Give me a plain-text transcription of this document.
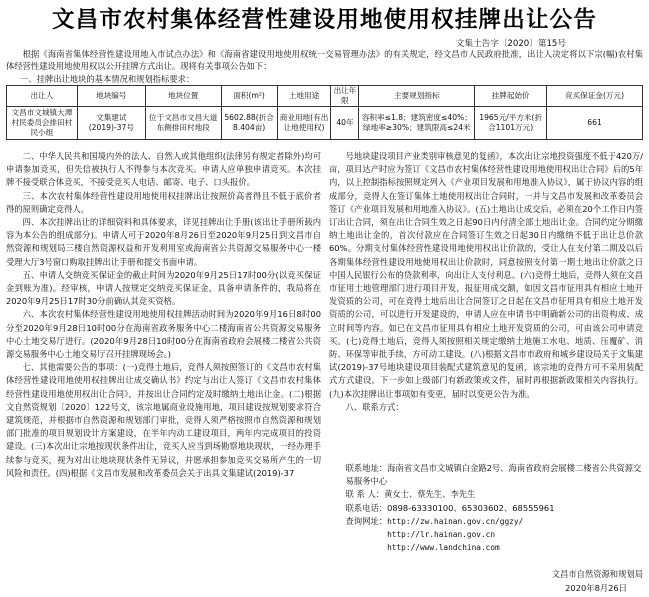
文昌市农村集体经营性建设用地使用权挂牌出让公告
文集土告字〔2020〕第15号
根据《海南省集体经营性建设用地入市试点办法》和《海南省建设用地使用权统一交易管理办法》的有关规定，经文昌市人民政府批准，出让人决定将以下宗(幅)农村集体经营性建设用地使用权以公开挂牌方式出让。现将有关事项公告如下：
一、挂牌出让地块的基本情况和规划指标要求：
出让人	地块编号	地块位置	面积(m²)	土地用途	出让年限	主要规划指标	挂牌起始价	竞买保证金(万元)
文昌市文城镇大潭村民委员会排田村民小组	文集建试(2019)-37号	位于文昌市文昌大道东侧排田村地段	5602.88(折合8.404亩)	商业用地(有出让地使用权)	40年	容积率≤1.8；建筑密度≤40%；绿地率≥30%；建筑限高≤24米	1965元/平方米(折合1101万元)	661

二、中华人民共和国境内外的法人、自然人或其他组织(法律另有规定者除外)均可申请参加竞买，但失信被执行人不得参与本次竞买。申请人应单独申请竞买。本次挂牌不接受联合体竞买，不接受竞买人电话、邮寄、电子、口头报价。

三、本次农村集体经营性建设用地使用权挂牌出让按照价高者得且不低于底价者得的原则确定竞得人。

四、本次挂牌出让的详细资料和具体要求，详见挂牌出让手册(该出让手册所载内容为本公告的组成部分)。申请人可于2020年8月26日至2020年9月25日到文昌市自然资源和规划局三楼自然资源权益和开发利用室或海南省公共资源交易服务中心一楼受理大厅3号窗口购取挂牌出让手册和提交书面申请。

五、申请人交纳竞买保证金的截止时间为2020年9月25日17时00分(以竞买保证金到账为准)。经审核，申请人按规定交纳竞买保证金，具备申请条件的，我局将在2020年9月25日17时30分前确认其竞买资格。

六、本次农村集体经营性建设用地使用权挂牌活动时间为2020年9月16日8时00分至2020年9月28日10时00分在海南省政务服务中心二楼海南省公共资源交易服务中心土地交易厅进行。(2020年9月28日10时00分在海南省政府会展楼二楼省公共资源交易服务中心土地交易厅召开挂牌现场会。)

七、其他需要公告的事项：(一)竞得土地后，竞得人须按照签订的《文昌市农村集体经营性建设用地使用权挂牌出让成交确认书》约定与出让人签订《文昌市农村集体经营性建设用地使用权出让合同》，并按出让合同约定及时缴纳土地出让金。(二)根据文自然资规划〔2020〕122号文，该宗地属商业设施用地，项目建设按规划要求符合建筑规范，并根据市自然资源和规划部门审批，竞得人须严格按照市自然资源和规划部门批准的项目规划设计方案建设，在半年内动工建设项目，两年内完成项目的投资建设。(三)本次出让宗地按现状条件出让，竞买人应当到场勘察地块现状，一经办理手续参与竞买，视为对出让地块现状条件无异议，并愿承担参加竞买交易所产生的一切风险和责任。(四)根据《文昌市发展和改革委员会关于出具文集建试(2019)-37

号地块建设项目产业类别审核意见的复函》，本次出让宗地投资强度不低于420万/亩，项目达产时应为签订《文昌市农村集体经营性建设用地使用权出让合同》后的5年内，以上控制指标按照规定列入《产业项目发展和用地准入协议》，属于协议内容的组成部分，竞得人在签订集体土地使用权出让合同时，一并与文昌市发展和改革委员会签订《产业项目发展和用地准入协议》。(五)土地出让成交后，必须在20个工作日内签订出让合同，须在出让合同生效之日起90日内付清全部土地出让金。合同约定分期缴纳土地出让金的，首次付款应在合同签订生效之日起30日内缴纳不低于出让总价款60%。分期支付集体经营性建设用地使用权出让价款的，受让人在支付第二期及以后各期集体经营性建设用地使用权出让价款时，同意按照支付第一期土地出让价款之日中国人民银行公布的贷款利率，向出让人支付利息。(六)竞得土地后，竞得人须在文昌市征用土地管理部门进行项目开发，报征用成交额，如因文昌市征用具有相应土地开发资质的公司，可在竞得土地后出让合同签订之日起在文昌市征用具有相应土地开发资质的公司，可以进行开发建设的，申请人应在申请书中明确新公司的出资构成、成立时间等内容。如已在文昌市征用具有相应土地开发资质的公司，可由该公司申请竞买。(七)竞得土地后，竞得人须按照相关规定缴纳土地施工水电、地质、压覆矿、消防、环保等审批手续，方可动工建设。(八)根据文昌市市政府和城乡建设局关于文集建试(2019)-37号地块建设项目装配式建筑意见的复函，该宗地的竞得方可不采用装配式方式建设。下一步如上级部门有新政策或文件，届时再根据新政策相关内容执行。(九)本次挂牌出让事项如有变更，届时以变更公告为准。

八、联系方式：

联系地址：海南省文昌市文城镇白金路2号、海南省政府会展楼二楼省公共资源交易服务中心
联 系 人：黄女士、蔡先生、李先生
联系电话：0898-63330100、65303602、68555961
查询网址：http://zw.hainan.gov.cn/ggzy/
http://lr.hainan.gov.cn
http://www.landchina.com
文昌市自然资源和规划局
2020年8月26日
